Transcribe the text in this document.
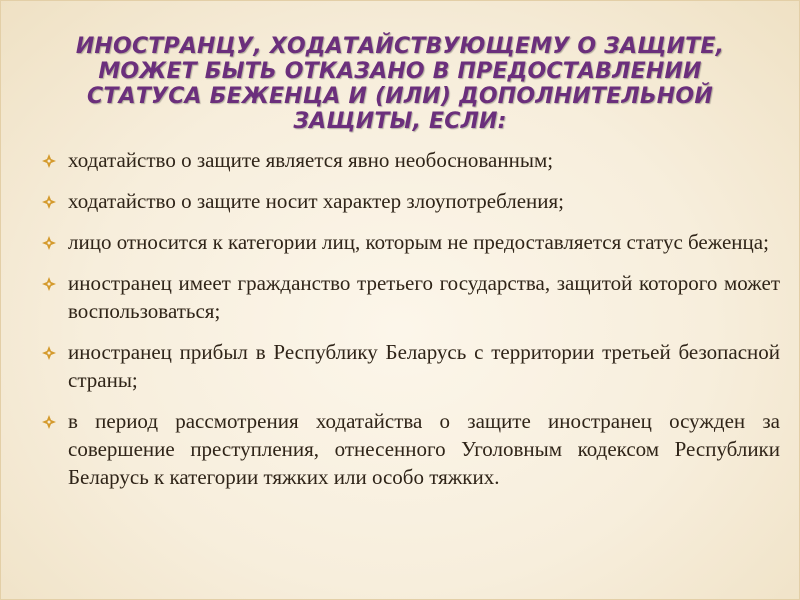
ИНОСТРАНЦУ, ХОДАТАЙСТВУЮЩЕМУ О ЗАЩИТЕ, МОЖЕТ БЫТЬ ОТКАЗАНО В ПРЕДОСТАВЛЕНИИ СТАТУСА БЕЖЕНЦА И (ИЛИ) ДОПОЛНИТЕЛЬНОЙ ЗАЩИТЫ, ЕСЛИ:
ходатайство о защите является явно необоснованным;
ходатайство о защите носит характер злоупотребления;
лицо относится к категории лиц, которым не предоставляется статус беженца;
иностранец имеет гражданство третьего государства, защитой которого может воспользоваться;
иностранец прибыл в Республику Беларусь с территории третьей безопасной страны;
в период рассмотрения ходатайства о защите иностранец осужден за совершение преступления, отнесенного Уголовным кодексом Республики Беларусь к категории тяжких или особо тяжких.
